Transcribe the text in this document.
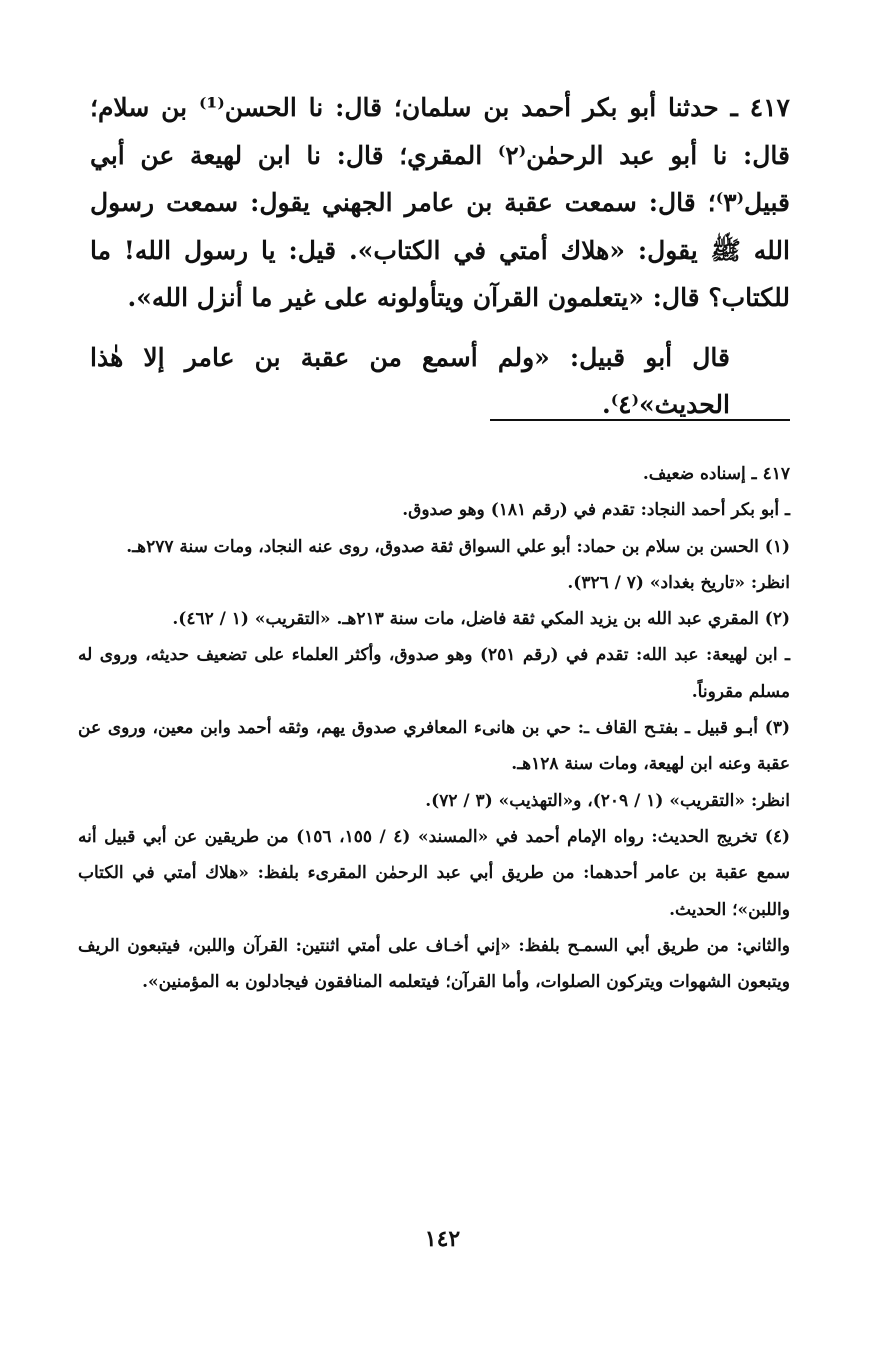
٤١٧ ـ حدثنا أبو بكر أحمد بن سلمان؛ قال: نا الحسن⁽¹⁾ بن سلام؛ قال: نا أبو عبد الرحمٰن⁽٢⁾ المقري؛ قال: نا ابن لهيعة عن أبي قبيل⁽٣⁾؛ قال: سمعت عقبة بن عامر الجهني يقول: سمعت رسول الله ﷺ يقول: «هلاك أمتي في الكتاب». قيل: يا رسول الله! ما للكتاب؟ قال: «يتعلمون القرآن ويتأولونه على غير ما أنزل الله».

قال أبو قبيل: «ولم أسمع من عقبة بن عامر إلا هٰذا الحديث»⁽٤⁾.

٤١٧ ـ إسناده ضعيف.

ـ أبو بكر أحمد النجاد: تقدم في (رقم ١٨١) وهو صدوق.

(١) الحسن بن سلام بن حماد: أبو علي السواق ثقة صدوق، روى عنه النجاد، ومات سنة ٢٧٧هـ.

انظر: «تاريخ بغداد» (٧ / ٣٢٦).

(٢) المقري عبد الله بن يزيد المكي ثقة فاضل، مات سنة ٢١٣هـ. «التقريب» (١ / ٤٦٢).

ـ ابن لهيعة: عبد الله: تقدم في (رقم ٢٥١) وهو صدوق، وأكثر العلماء على تضعيف حديثه، وروى له مسلم مقروناً.

(٣) أبـو قبيل ـ بفتـح القاف ـ: حي بن هانىء المعافري صدوق يهم، وثقه أحمد وابن معين، وروى عن عقبة وعنه ابن لهيعة، ومات سنة ١٢٨هـ.

انظر: «التقريب» (١ / ٢٠٩)، و«التهذيب» (٣ / ٧٢).

(٤) تخريج الحديث: رواه الإمام أحمد في «المسند» (٤ / ١٥٥، ١٥٦) من طريقين عن أبي قبيل أنه سمع عقبة بن عامر أحدهما: من طريق أبي عبد الرحمٰن المقرىء بلفظ: «هلاك أمتي في الكتاب واللبن»؛ الحديث.

والثاني: من طريق أبي السمـح بلفظ: «إني أخـاف على أمتي اثنتين: القرآن واللبن، فيتبعون الريف ويتبعون الشهوات ويتركون الصلوات، وأما القرآن؛ فيتعلمه المنافقون فيجادلون به المؤمنين».

١٤٢
